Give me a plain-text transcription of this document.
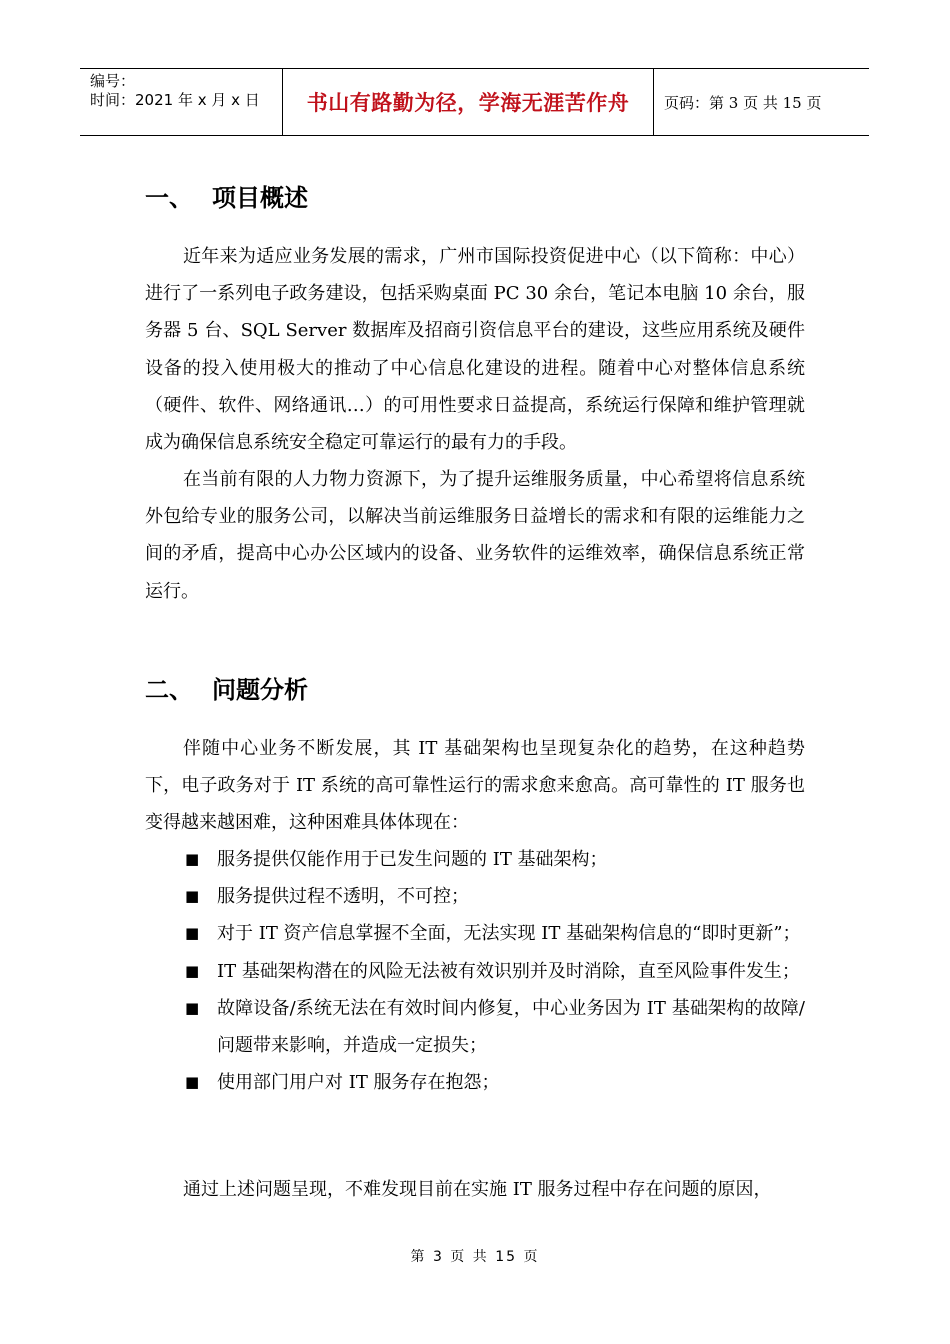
编号：
时间：2021 年 x 月 x 日	书山有路勤为径，学海无涯苦作舟	页码：第 3 页 共 15 页
一、 项目概述

近年来为适应业务发展的需求，广州市国际投资促进中心（以下简称：中心）进行了一系列电子政务建设，包括采购桌面 PC 30 余台，笔记本电脑 10 余台，服务器 5 台、SQL Server 数据库及招商引资信息平台的建设，这些应用系统及硬件设备的投入使用极大的推动了中心信息化建设的进程。随着中心对整体信息系统（硬件、软件、网络通讯…）的可用性要求日益提高，系统运行保障和维护管理就成为确保信息系统安全稳定可靠运行的最有力的手段。

在当前有限的人力物力资源下，为了提升运维服务质量，中心希望将信息系统外包给专业的服务公司，以解决当前运维服务日益增长的需求和有限的运维能力之间的矛盾，提高中心办公区域内的设备、业务软件的运维效率，确保信息系统正常运行。

二、 问题分析

伴随中心业务不断发展，其 IT 基础架构也呈现复杂化的趋势，在这种趋势下，电子政务对于 IT 系统的高可靠性运行的需求愈来愈高。高可靠性的 IT 服务也变得越来越困难，这种困难具体体现在：

■ 服务提供仅能作用于已发生问题的 IT 基础架构；
■ 服务提供过程不透明，不可控；
■ 对于 IT 资产信息掌握不全面，无法实现 IT 基础架构信息的“即时更新”；
■ IT 基础架构潜在的风险无法被有效识别并及时消除，直至风险事件发生；
■ 故障设备/系统无法在有效时间内修复，中心业务因为 IT 基础架构的故障/问题带来影响，并造成一定损失；
■ 使用部门用户对 IT 服务存在抱怨；

通过上述问题呈现，不难发现目前在实施 IT 服务过程中存在问题的原因，

第 3 页 共 15 页
